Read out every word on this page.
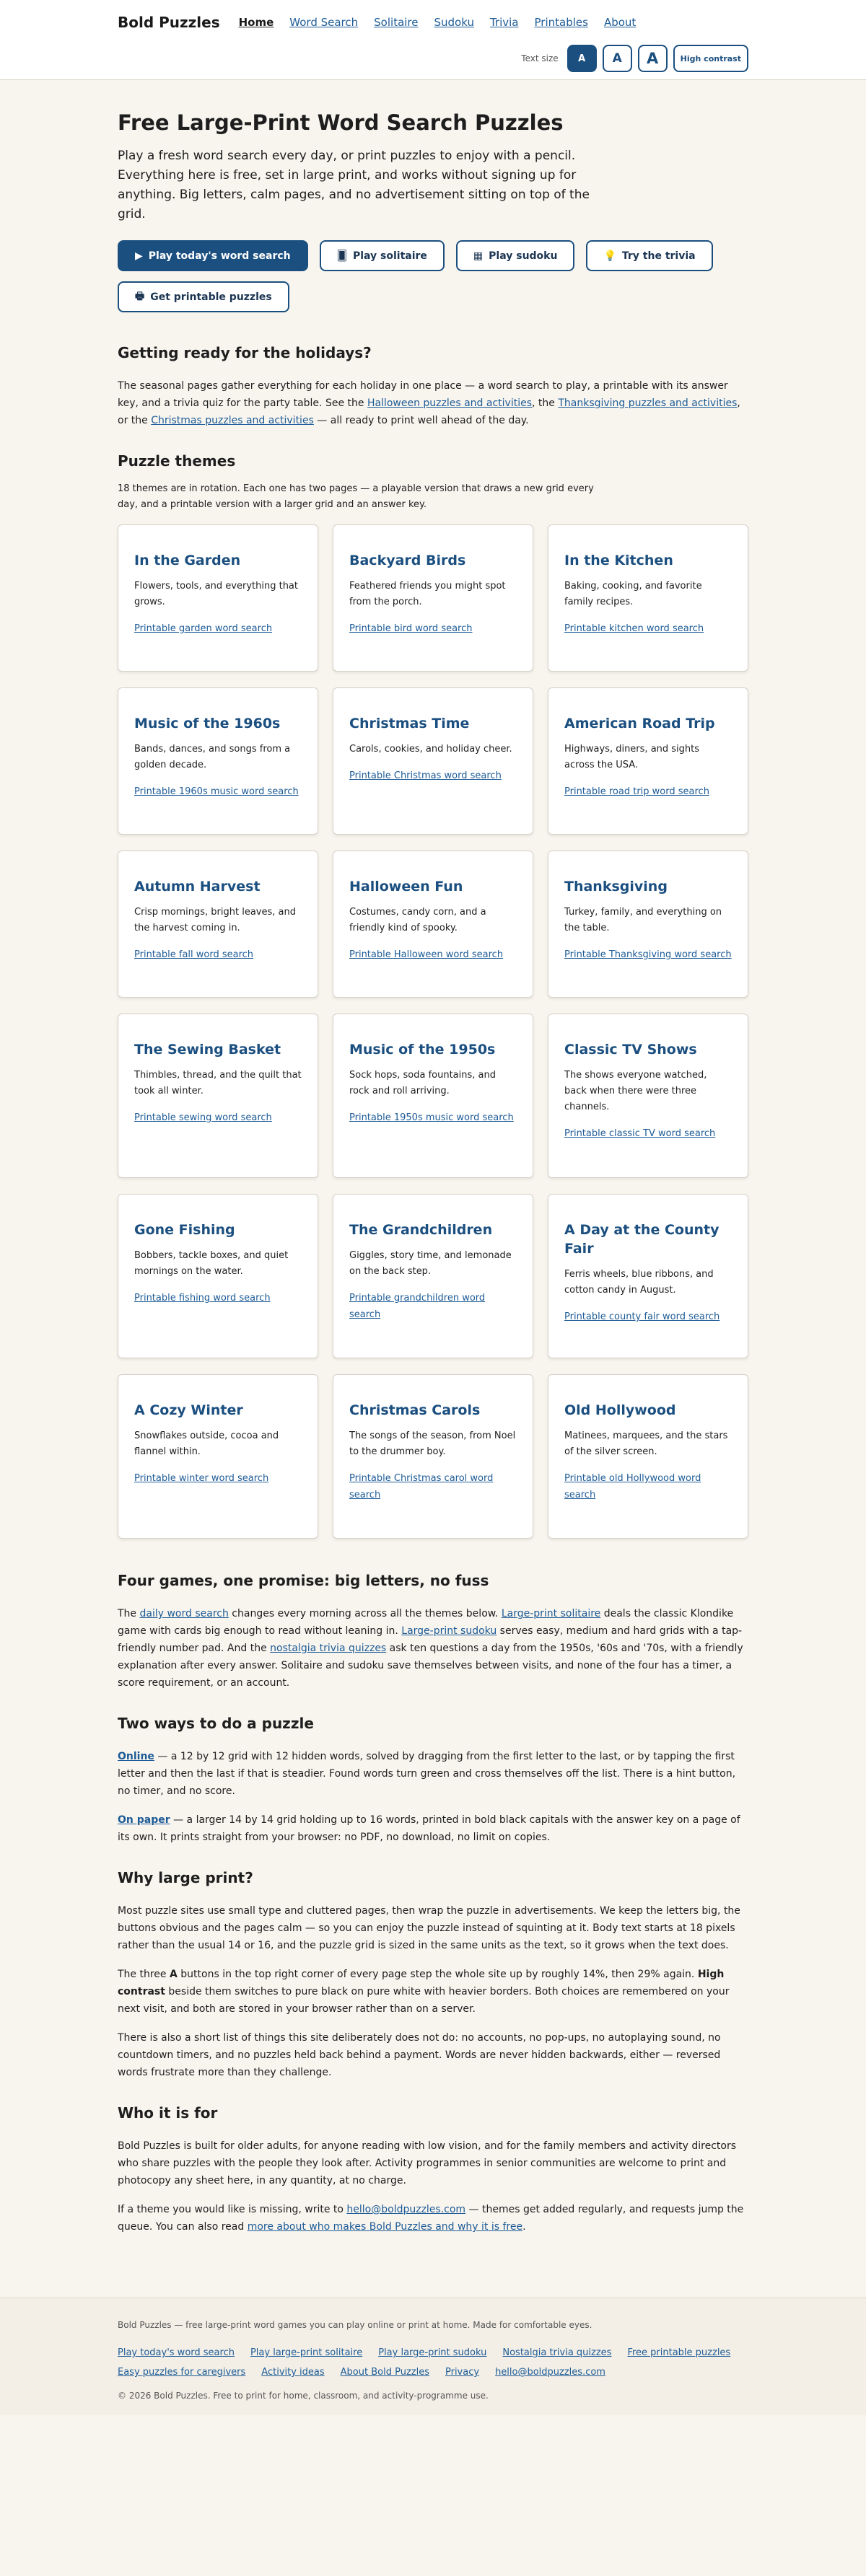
Bold Puzzles Home Word Search Solitaire Sudoku Trivia Printables About
Text size	A	A	A	High contrast
Free Large-Print Word Search Puzzles

Play a fresh word search every day, or print puzzles to enjoy with a pencil. Everything here is free, set in large print, and works without signing up for anything. Big letters, calm pages, and no advertisement sitting on top of the grid.

▶ Play today's word search	🂠 Play solitaire	▦ Play sudoku	💡 Try the trivia
🖶 Get printable puzzles
Getting ready for the holidays?

The seasonal pages gather everything for each holiday in one place — a word search to play, a printable with its answer key, and a trivia quiz for the party table. See the Halloween puzzles and activities, the Thanksgiving puzzles and activities, or the Christmas puzzles and activities — all ready to print well ahead of the day.

Puzzle themes

18 themes are in rotation. Each one has two pages — a playable version that draws a new grid every day, and a printable version with a larger grid and an answer key.

In the Garden

Flowers, tools, and everything that grows.

Printable garden word search
Backyard Birds

Feathered friends you might spot from the porch.

Printable bird word search
In the Kitchen

Baking, cooking, and favorite family recipes.

Printable kitchen word search
Music of the 1960s

Bands, dances, and songs from a golden decade.

Printable 1960s music word search
Christmas Time

Carols, cookies, and holiday cheer.

Printable Christmas word search
American Road Trip

Highways, diners, and sights across the USA.

Printable road trip word search
Autumn Harvest

Crisp mornings, bright leaves, and the harvest coming in.

Printable fall word search
Halloween Fun

Costumes, candy corn, and a friendly kind of spooky.

Printable Halloween word search
Thanksgiving

Turkey, family, and everything on the table.

Printable Thanksgiving word search
The Sewing Basket

Thimbles, thread, and the quilt that took all winter.

Printable sewing word search
Music of the 1950s

Sock hops, soda fountains, and rock and roll arriving.

Printable 1950s music word search
Classic TV Shows

The shows everyone watched, back when there were three channels.

Printable classic TV word search
Gone Fishing

Bobbers, tackle boxes, and quiet mornings on the water.

Printable fishing word search
The Grandchildren

Giggles, story time, and lemonade on the back step.

Printable grandchildren word search
A Day at the County Fair

Ferris wheels, blue ribbons, and cotton candy in August.

Printable county fair word search
A Cozy Winter

Snowflakes outside, cocoa and flannel within.

Printable winter word search
Christmas Carols

The songs of the season, from Noel to the drummer boy.

Printable Christmas carol word search
Old Hollywood

Matinees, marquees, and the stars of the silver screen.

Printable old Hollywood word search
Four games, one promise: big letters, no fuss

The daily word search changes every morning across all the themes below. Large-print solitaire deals the classic Klondike game with cards big enough to read without leaning in. Large-print sudoku serves easy, medium and hard grids with a tap-friendly number pad. And the nostalgia trivia quizzes ask ten questions a day from the 1950s, '60s and '70s, with a friendly explanation after every answer. Solitaire and sudoku save themselves between visits, and none of the four has a timer, a score requirement, or an account.

Two ways to do a puzzle

Online — a 12 by 12 grid with 12 hidden words, solved by dragging from the first letter to the last, or by tapping the first letter and then the last if that is steadier. Found words turn green and cross themselves off the list. There is a hint button, no timer, and no score.

On paper — a larger 14 by 14 grid holding up to 16 words, printed in bold black capitals with the answer key on a page of its own. It prints straight from your browser: no PDF, no download, no limit on copies.

Why large print?

Most puzzle sites use small type and cluttered pages, then wrap the puzzle in advertisements. We keep the letters big, the buttons obvious and the pages calm — so you can enjoy the puzzle instead of squinting at it. Body text starts at 18 pixels rather than the usual 14 or 16, and the puzzle grid is sized in the same units as the text, so it grows when the text does.

The three A buttons in the top right corner of every page step the whole site up by roughly 14%, then 29% again. High contrast beside them switches to pure black on pure white with heavier borders. Both choices are remembered on your next visit, and both are stored in your browser rather than on a server.

There is also a short list of things this site deliberately does not do: no accounts, no pop-ups, no autoplaying sound, no countdown timers, and no puzzles held back behind a payment. Words are never hidden backwards, either — reversed words frustrate more than they challenge.

Who it is for

Bold Puzzles is built for older adults, for anyone reading with low vision, and for the family members and activity directors who share puzzles with the people they look after. Activity programmes in senior communities are welcome to print and photocopy any sheet here, in any quantity, at no charge.

If a theme you would like is missing, write to hello@boldpuzzles.com — themes get added regularly, and requests jump the queue. You can also read more about who makes Bold Puzzles and why it is free.

Bold Puzzles — free large-print word games you can play online or print at home. Made for comfortable eyes.

Play today's word search Play large-print solitaire Play large-print sudoku Nostalgia trivia quizzes Free printable puzzles
Easy puzzles for caregivers Activity ideas About Bold Puzzles Privacy hello@boldpuzzles.com

© 2026 Bold Puzzles. Free to print for home, classroom, and activity-programme use.
